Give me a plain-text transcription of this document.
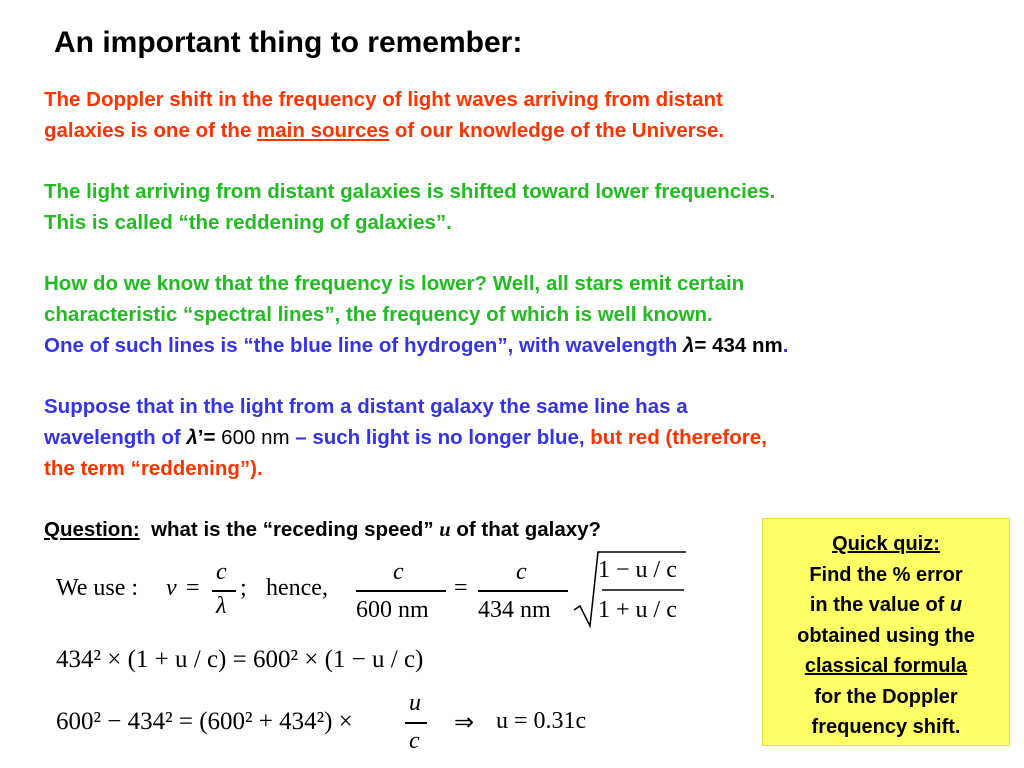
An important thing to remember:
The Doppler shift in the frequency of light waves arriving from distant
galaxies is one of the main sources of our knowledge of the Universe.
The light arriving from distant galaxies is shifted toward lower frequencies.
This is called “the reddening of galaxies”.
How do we know that the frequency is lower? Well, all stars emit certain
characteristic “spectral lines”, the frequency of which is well known.
One of such lines is “the blue line of hydrogen”, with wavelength λ= 434 nm.
Suppose that in the light from a distant galaxy the same line has a
wavelength of λ’= 600 nm – such light is no longer blue, but red (therefore,
the term “reddening”).
Question:  what is the “receding speed” u of that galaxy?
We use : ν =
c
λ
; hence,
c
600 nm
=
c
434 nm
1 − u / c
1 + u / c
434² × (1 + u / c) = 600² × (1 − u / c)
600² − 434² = (600² + 434²) ×
u
c
⇒ u = 0.31c
Quick quiz:
Find the % error
in the value of u
obtained using the
classical formula
for the Doppler
frequency shift.
